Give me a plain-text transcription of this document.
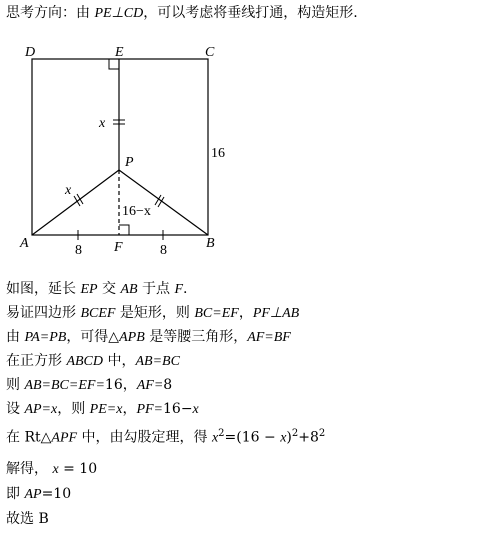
思考方向：由 PE⊥CD，可以考虑将垂线打通，构造矩形.
D	E	C
P
A	F	B
x
x
16
16−x
8	8
如图，延长 EP 交 AB 于点 F.
易证四边形 BCEF 是矩形，则 BC=EF，PF⊥AB
由 PA=PB，可得△APB 是等腰三角形，AF=BF
在正方形 ABCD 中，AB=BC
则 AB=BC=EF=16，AF=8
设 AP=x，则 PE=x，PF=16−x
在 Rt△APF 中，由勾股定理，得 $x^2=(16 - x)^2+8^2$
解得， x = 10
即 AP=10
故选 B
